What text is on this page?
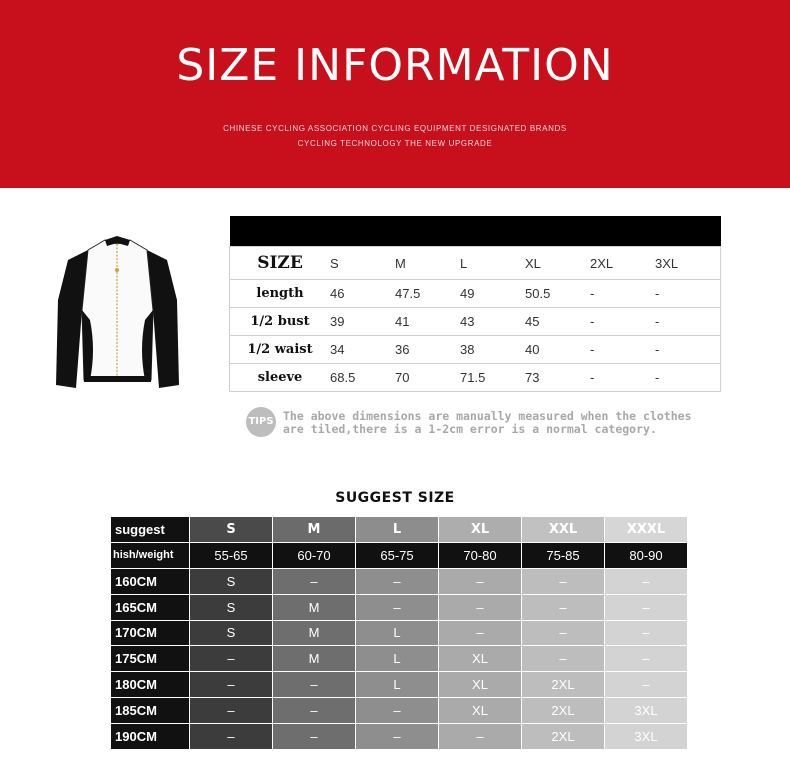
SIZE INFORMATION
CHINESE CYCLING ASSOCIATION CYCLING EQUIPMENT DESIGNATED BRANDS
CYCLING TECHNOLOGY THE NEW UPGRADE

SIZE	S	M	L	XL	2XL	3XL
length	46	47.5	49	50.5	-	-
1/2 bust	39	41	43	45	-	-
1/2 waist	34	36	38	40	-	-
sleeve	68.5	70	71.5	73	-	-
TIPS The above dimensions are manually measured when the clothes
are tiled,there is a 1-2cm error is a normal category.
SUGGEST SIZE
suggest	S	M	L	XL	XXL	XXXL
hish/weight	55-65	60-70	65-75	70-80	75-85	80-90
160CM	S	–	–	–	–	–
165CM	S	M	–	–	–	–
170CM	S	M	L	–	–	–
175CM	–	M	L	XL	–	–
180CM	–	–	L	XL	2XL	–
185CM	–	–	–	XL	2XL	3XL
190CM	–	–	–	–	2XL	3XL
